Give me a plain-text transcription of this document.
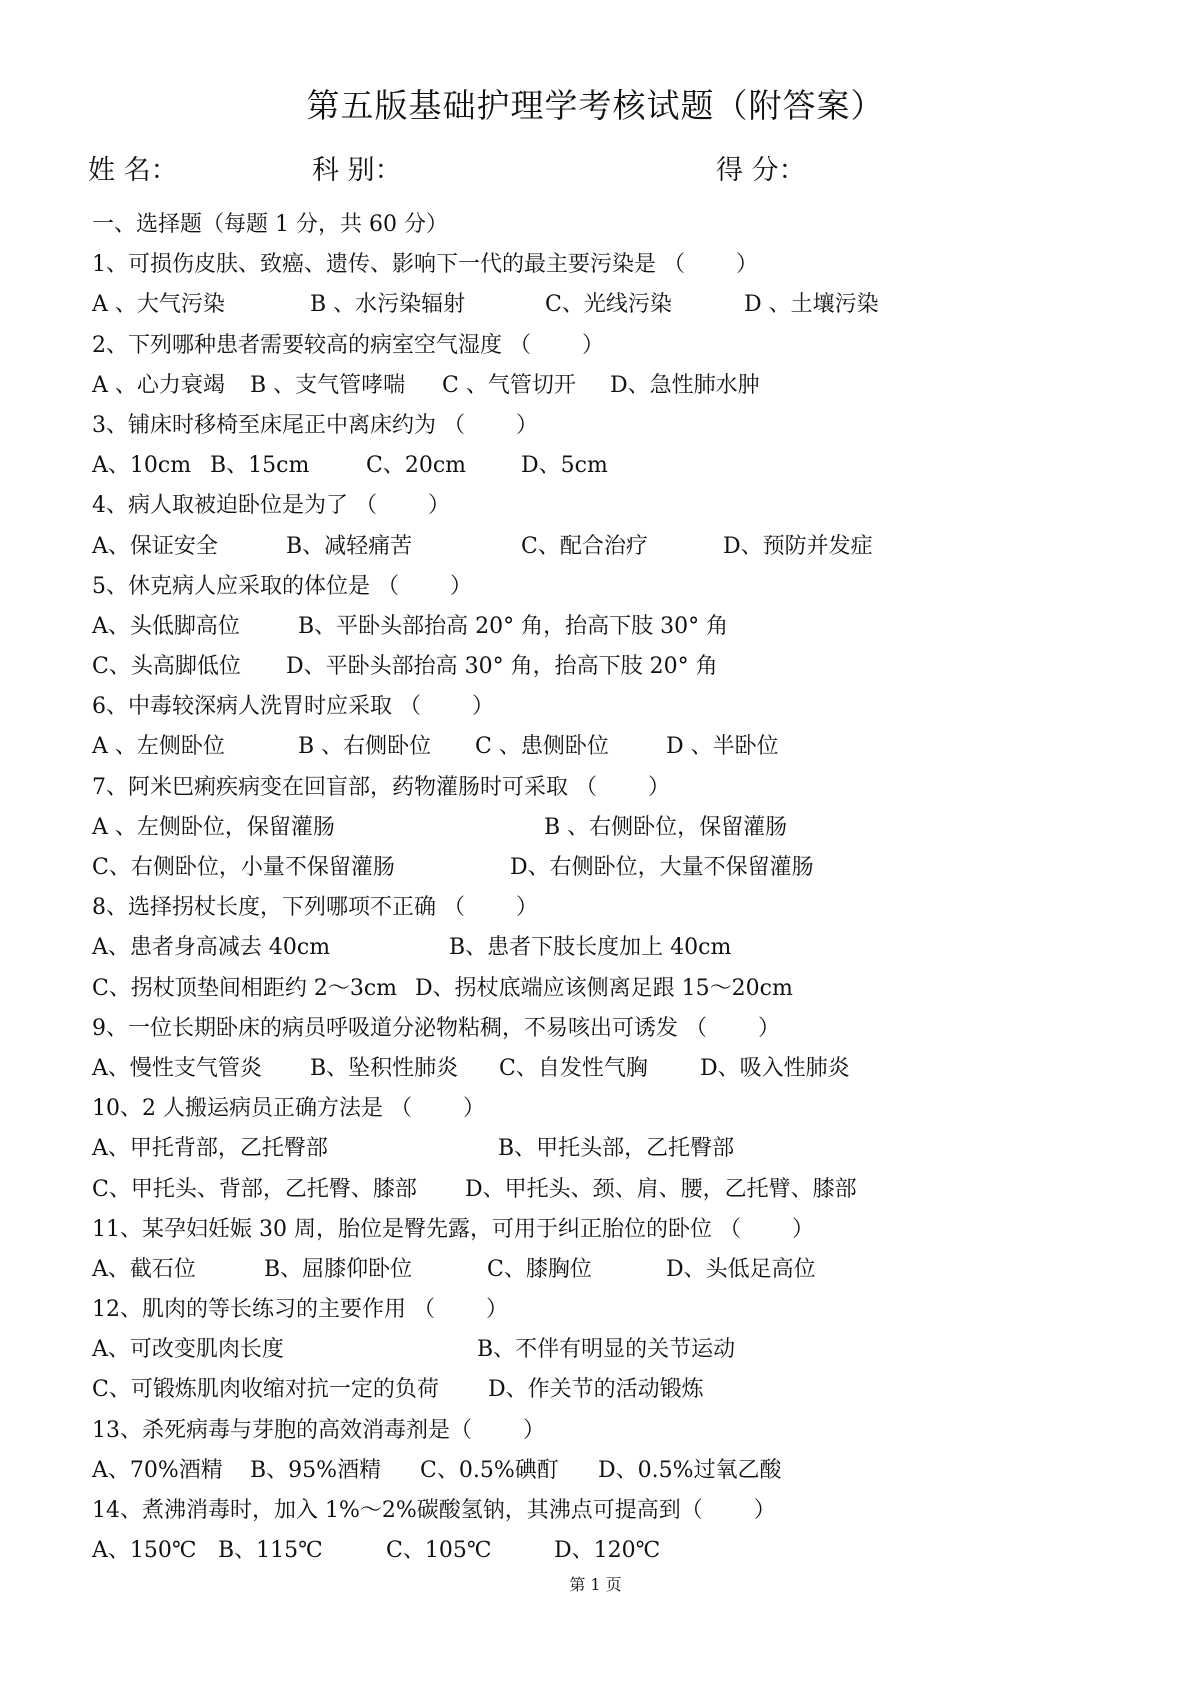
第五版基础护理学考核试题（附答案）
姓 名：	科 别：	得 分：
一、选择题（每题 1 分，共 60 分）
1、可损伤皮肤、致癌、遗传、影响下一代的最主要污染是 （　　 ）
A 、大气污染	B 、水污染辐射	C、光线污染	D 、土壤污染
2、下列哪种患者需要较高的病室空气湿度 （　　 ）
A 、心力衰竭 B 、支气管哮喘 C 、气管切开 D、急性肺水肿
3、铺床时移椅至床尾正中离床约为 （　　 ）
A、10cm B、15cm	C、20cm D、5cm
4、病人取被迫卧位是为了 （　　 ）
A、保证安全	B、减轻痛苦	C、配合治疗	D、预防并发症
5、休克病人应采取的体位是 （　　 ）
A、头低脚高位	B、平卧头部抬高 20° 角，抬高下肢 30° 角
C、头高脚低位 D、平卧头部抬高 30° 角，抬高下肢 20° 角
6、中毒较深病人洗胃时应采取 （　　 ）
A 、左侧卧位	B 、右侧卧位 C 、患侧卧位	D 、半卧位
7、阿米巴痢疾病变在回盲部，药物灌肠时可采取 （　　 ）
A 、左侧卧位，保留灌肠	B 、右侧卧位，保留灌肠
C、右侧卧位，小量不保留灌肠	D、右侧卧位，大量不保留灌肠
8、选择拐杖长度，下列哪项不正确 （　　 ）
A、患者身高减去 40cm	B、患者下肢长度加上 40cm
C、拐杖顶垫间相距约 2～3cm D、拐杖底端应该侧离足跟 15～20cm
9、一位长期卧床的病员呼吸道分泌物粘稠，不易咳出可诱发 （　　 ）
A、慢性支气管炎 B、坠积性肺炎 C、自发性气胸 D、吸入性肺炎
10、2 人搬运病员正确方法是 （　　 ）
A、甲托背部，乙托臀部	B、甲托头部，乙托臀部
C、甲托头、背部，乙托臀、膝部 D、甲托头、颈、肩、腰，乙托臂、膝部
11、某孕妇妊娠 30 周，胎位是臀先露，可用于纠正胎位的卧位 （　　 ）
A、截石位	B、屈膝仰卧位	C、膝胸位	D、头低足高位
12、肌肉的等长练习的主要作用 （　　 ）
A、可改变肌肉长度	B、不伴有明显的关节运动
C、可锻炼肌肉收缩对抗一定的负荷 D、作关节的活动锻炼
13、杀死病毒与芽胞的高效消毒剂是（　　 ）
A、70%酒精 B、95%酒精 C、0.5%碘酊 D、0.5%过氧乙酸
14、煮沸消毒时，加入 1%～2%碳酸氢钠，其沸点可提高到（　　 ）
A、150℃ B、115℃	C、105℃	D、120℃
第 1 页
